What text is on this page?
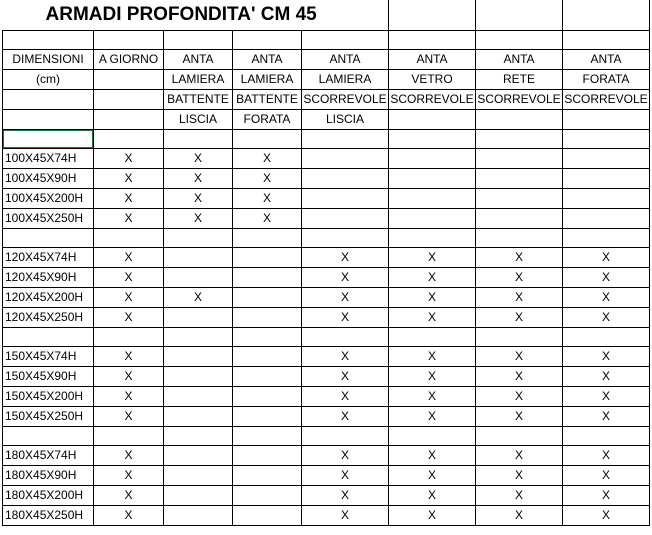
ARMADI PROFONDITA' CM 45							

DIMENSIONI	A GIORNO	ANTA	ANTA	ANTA	ANTA	ANTA	ANTA
(cm)		LAMIERA	LAMIERA	LAMIERA	VETRO	RETE	FORATA
		BATTENTE	BATTENTE	SCORREVOLE	SCORREVOLE	SCORREVOLE	SCORREVOLE
		LISCIA	FORATA	LISCIA			

100X45X74H	X	X	X				
100X45X90H	X	X	X				
100X45X200H	X	X	X				
100X45X250H	X	X	X				

120X45X74H	X			X	X	X	X
120X45X90H	X			X	X	X	X
120X45X200H	X	X		X	X	X	X
120X45X250H	X			X	X	X	X

150X45X74H	X			X	X	X	X
150X45X90H	X			X	X	X	X
150X45X200H	X			X	X	X	X
150X45X250H	X			X	X	X	X

180X45X74H	X			X	X	X	X
180X45X90H	X			X	X	X	X
180X45X200H	X			X	X	X	X
180X45X250H	X			X	X	X	X
